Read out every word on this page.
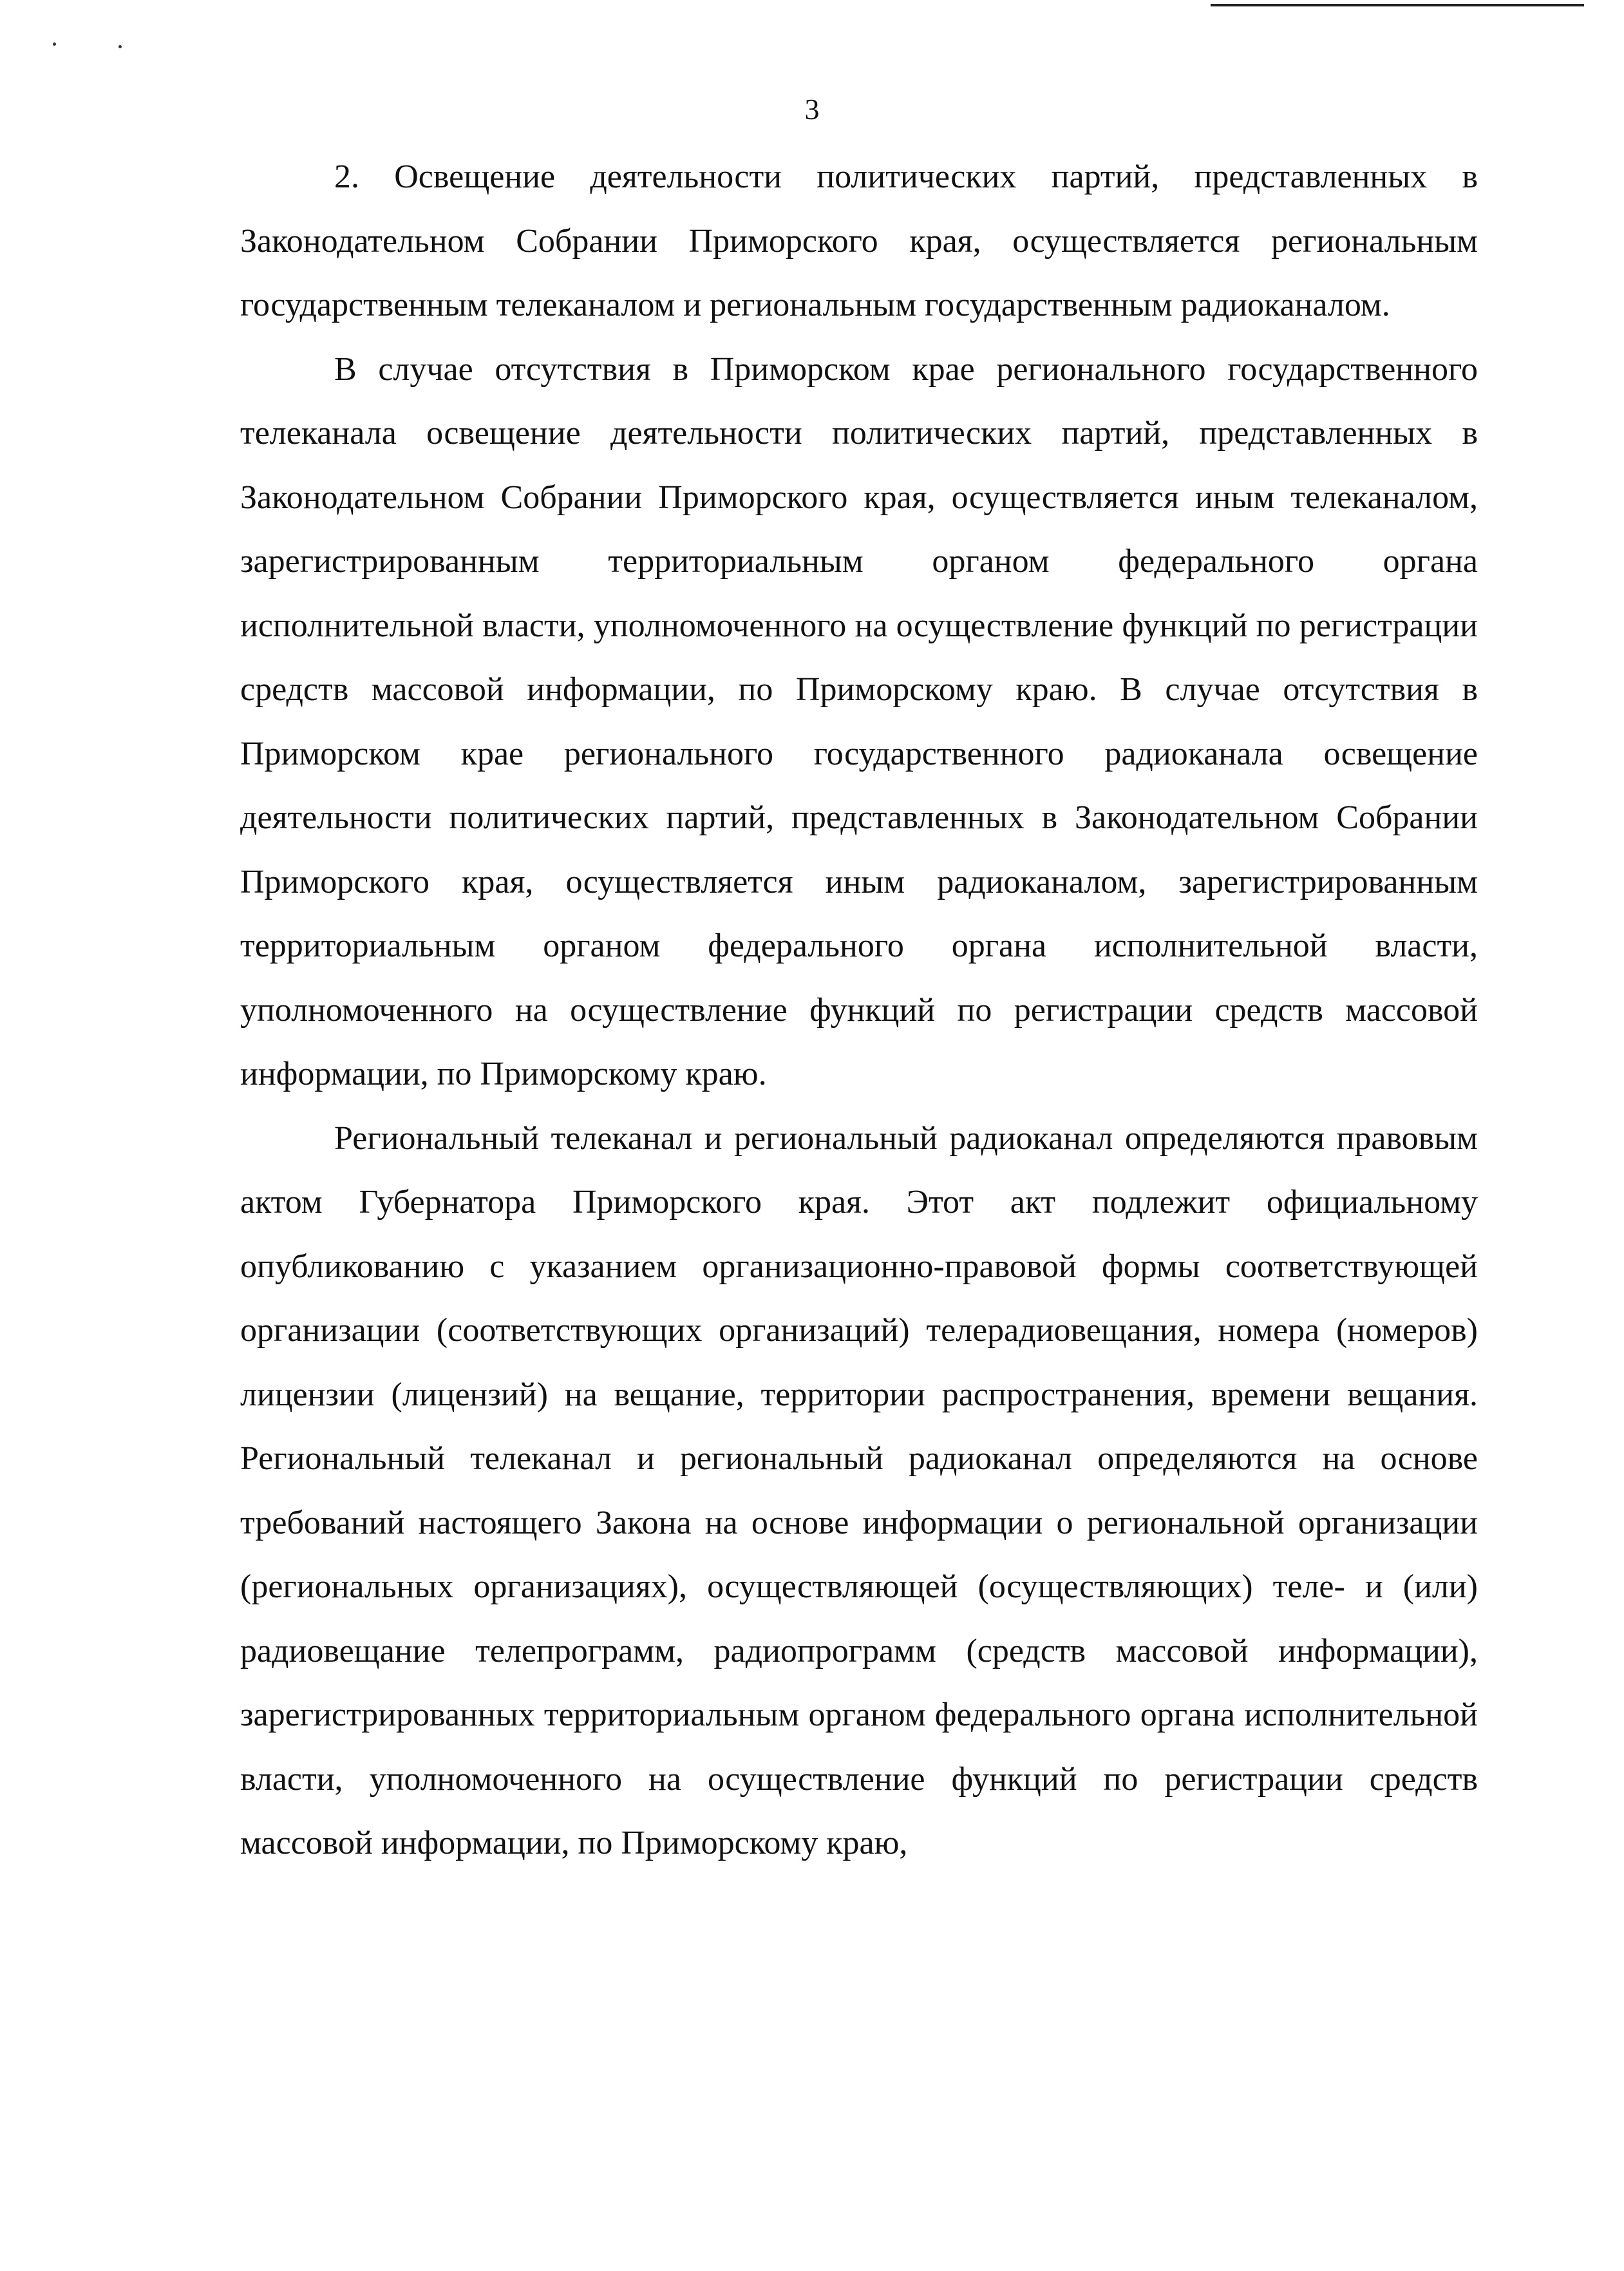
3

2. Освещение деятельности политических партий, представленных в Законодательном Собрании Приморского края, осуществляется региональным государственным телеканалом и региональным государственным радиоканалом.

В случае отсутствия в Приморском крае регионального государственного телеканала освещение деятельности политических партий, представленных в Законодательном Собрании Приморского края, осуществляется иным телеканалом, зарегистрированным территориальным органом федерального органа исполнительной власти, уполномоченного на осуществление функций по регистрации средств массовой информации, по Приморскому краю. В случае отсутствия в Приморском крае регионального государственного радиоканала освещение деятельности политических партий, представленных в Законодательном Собрании Приморского края, осуществляется иным радиоканалом, зарегистрированным территориальным органом федерального органа исполнительной власти, уполномоченного на осуществление функций по регистрации средств массовой информации, по Приморскому краю.

Региональный телеканал и региональный радиоканал определяются правовым актом Губернатора Приморского края. Этот акт подлежит официальному опубликованию с указанием организационно-правовой формы соответствующей организации (соответствующих организаций) телерадиовещания, номера (номеров) лицензии (лицензий) на вещание, территории распространения, времени вещания. Региональный телеканал и региональный радиоканал определяются на основе требований настоящего Закона на основе информации о региональной организации (региональных организациях), осуществляющей (осуществляющих) теле- и (или) радиовещание телепрограмм, радиопрограмм (средств массовой информации), зарегистрированных территориальным органом федерального органа исполнительной власти, уполномоченного на осуществление функций по регистрации средств массовой информации, по Приморскому краю,
